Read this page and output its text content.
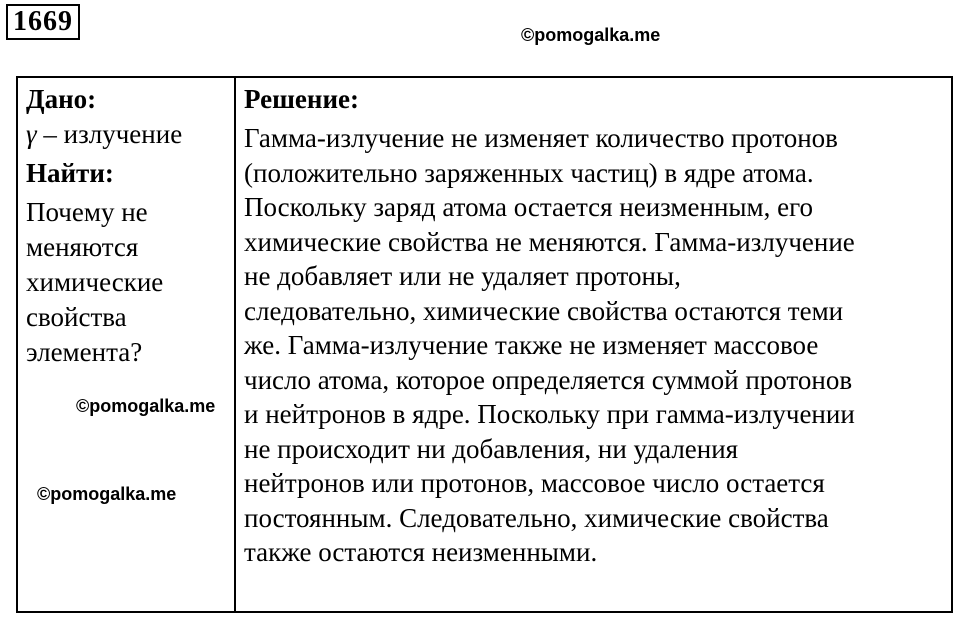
1669	©pomogalka.me

Дано:

γ – излучение

Найти:

Почему не
меняются
химические
свойства
элемента?

Решение:

Гамма-излучение не изменяет количество протонов
(положительно заряженных частиц) в ядре атома.
Поскольку заряд атома остается неизменным, его
химические свойства не меняются. Гамма-излучение
не добавляет или не удаляет протоны,
следовательно, химические свойства остаются теми
же. Гамма-излучение также не изменяет массовое
число атома, которое определяется суммой протонов
и нейтронов в ядре. Поскольку при гамма-излучении
не происходит ни добавления, ни удаления
нейтронов или протонов, массовое число остается
постоянным. Следовательно, химические свойства
также остаются неизменными.
©pomogalka.me
©pomogalka.me
